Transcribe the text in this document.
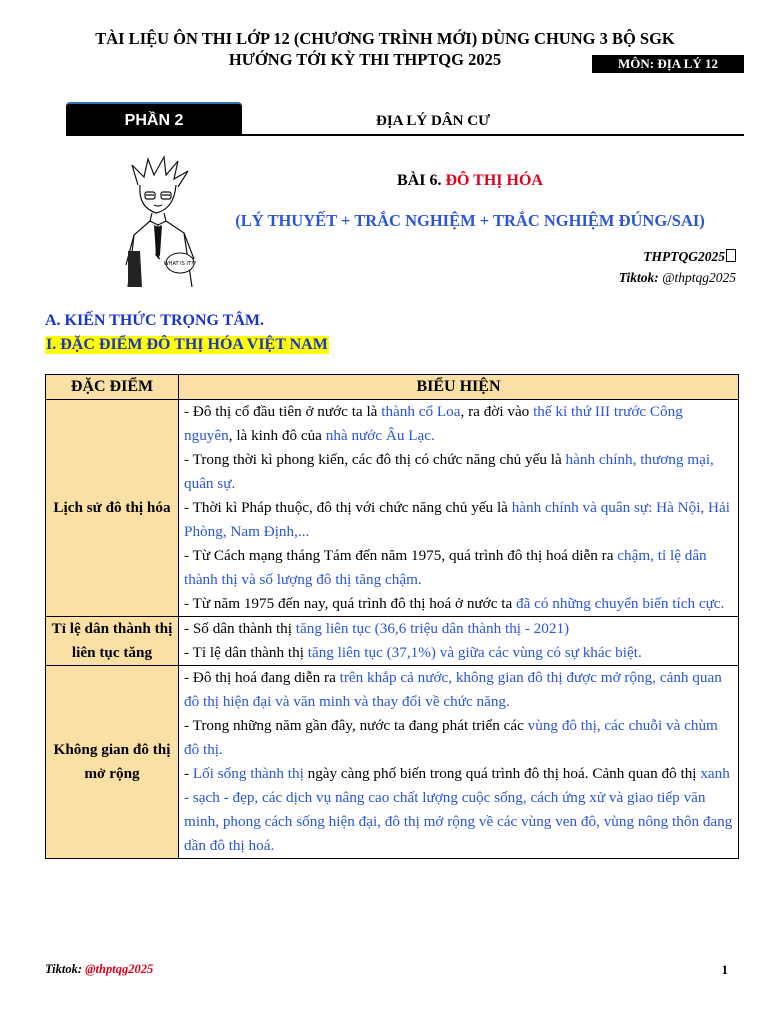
TÀI LIỆU ÔN THI LỚP 12 (CHƯƠNG TRÌNH MỚI) DÙNG CHUNG 3 BỘ SGK
HƯỚNG TỚI KỲ THI THPTQG 2025	MÔN: ĐỊA LÝ 12
PHẦN 2	ĐỊA LÝ DÂN CƯ
WHAT IS IT??
BÀI 6. ĐÔ THỊ HÓA
(LÝ THUYẾT + TRẮC NGHIỆM + TRẮC NGHIỆM ĐÚNG/SAI)
THPTQG2025
Tiktok: @thptqg2025
A. KIẾN THỨC TRỌNG TÂM.
I. ĐẶC ĐIỂM ĐÔ THỊ HÓA VIỆT NAM
ĐẶC ĐIỂM	BIỂU HIỆN
Lịch sử đô thị hóa	- Đô thị cổ đầu tiên ở nước ta là thành cổ Loa, ra đời vào thế kỉ thứ III trước Công nguyên, là kinh đô của nhà nước Âu Lạc.
- Trong thời kì phong kiến, các đô thị có chức năng chủ yếu là hành chính, thương mại, quân sự.
- Thời kì Pháp thuộc, đô thị với chức năng chủ yếu là hành chính và quân sự: Hà Nội, Hải Phòng, Nam Định,...
- Từ Cách mạng tháng Tám đến năm 1975, quá trình đô thị hoá diễn ra chậm, tỉ lệ dân thành thị và số lượng đô thị tăng chậm.
- Từ năm 1975 đến nay, quá trình đô thị hoá ở nước ta đã có những chuyển biến tích cực.

Tỉ lệ dân thành thị liên tục tăng	- Số dân thành thị tăng liên tục (36,6 triệu dân thành thị - 2021)
- Tỉ lệ dân thành thị tăng liên tục (37,1%) và giữa các vùng có sự khác biệt.

Không gian đô thị mở rộng	- Đô thị hoá đang diễn ra trên khắp cả nước, không gian đô thị được mở rộng, cảnh quan đô thị hiện đại và văn minh và thay đổi về chức năng.
- Trong những năm gần đây, nước ta đang phát triển các vùng đô thị, các chuỗi và chùm đô thị.
- Lối sống thành thị ngày càng phố biến trong quá trình đô thị hoá. Cảnh quan đô thị xanh - sạch - đẹp, các dịch vụ nâng cao chất lượng cuộc sống, cách ứng xử và giao tiếp văn minh, phong cách sống hiện đại, đô thị mở rộng về các vùng ven đô, vùng nông thôn đang dần đô thị hoá.
Tiktok: @thptqg2025	1
